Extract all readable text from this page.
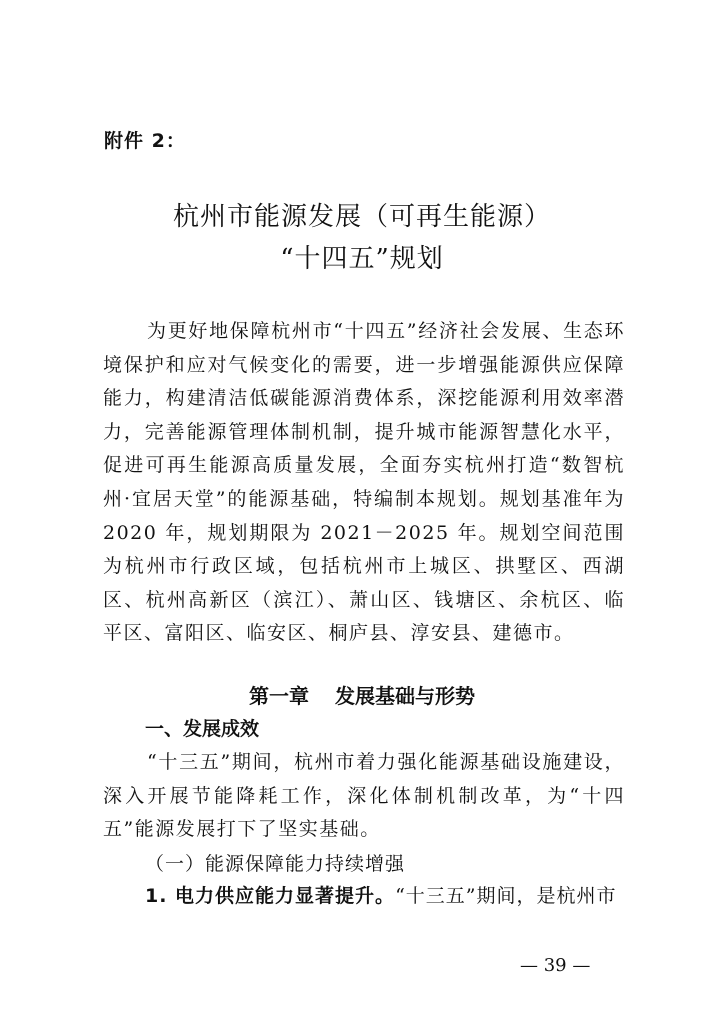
附件 2：
杭州市能源发展（可再生能源）
“十四五”规划
为更好地保障杭州市“十四五”经济社会发展、生态环境保护和应对气候变化的需要，进一步增强能源供应保障能力，构建清洁低碳能源消费体系，深挖能源利用效率潜力，完善能源管理体制机制，提升城市能源智慧化水平，促进可再生能源高质量发展，全面夯实杭州打造“数智杭州·宜居天堂”的能源基础，特编制本规划。规划基准年为 2020 年，规划期限为 2021－2025 年。规划空间范围为杭州市行政区域，包括杭州市上城区、拱墅区、西湖区、杭州高新区（滨江）、萧山区、钱塘区、余杭区、临平区、富阳区、临安区、桐庐县、淳安县、建德市。
第一章 发展基础与形势
一、发展成效
“十三五”期间，杭州市着力强化能源基础设施建设，深入开展节能降耗工作，深化体制机制改革，为“十四五”能源发展打下了坚实基础。
（一）能源保障能力持续增强
1. 电力供应能力显著提升。“十三五”期间，是杭州市
— 39 —
